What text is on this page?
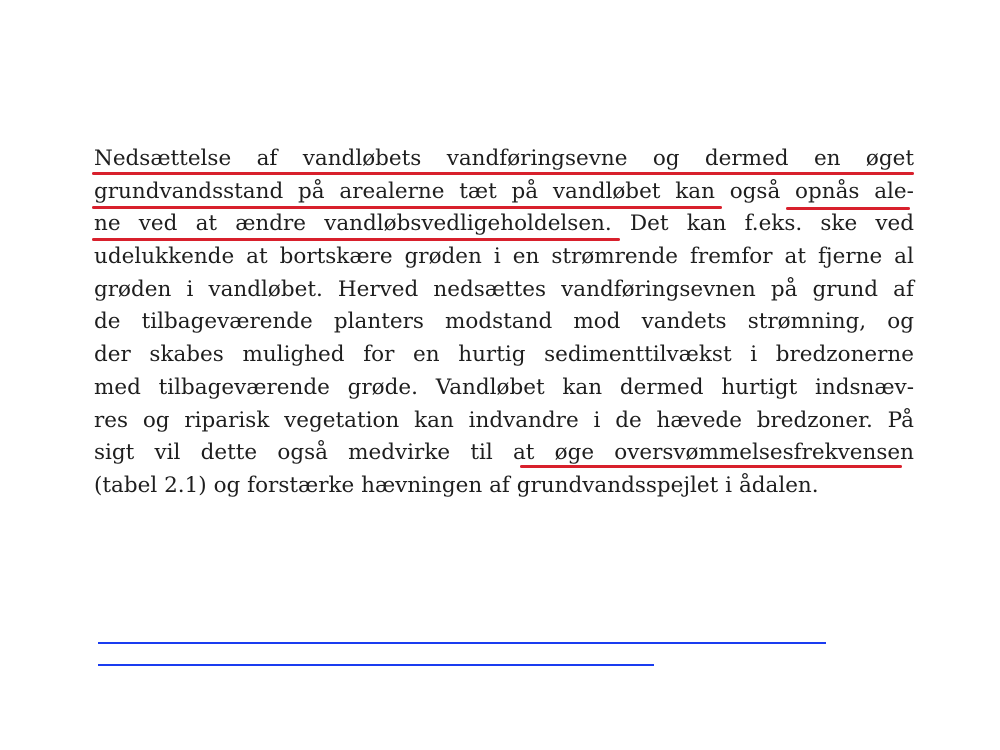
Nedsættelse af vandløbets vandføringsevne og dermed en øget
grundvandsstand på arealerne tæt på vandløbet kan også opnås ale-
ne ved at ændre vandløbsvedligeholdelsen. Det kan f.eks. ske ved
udelukkende at bortskære grøden i en strømrende fremfor at fjerne al
grøden i vandløbet. Herved nedsættes vandføringsevnen på grund af
de tilbageværende planters modstand mod vandets strømning, og
der skabes mulighed for en hurtig sedimenttilvækst i bredzonerne
med tilbageværende grøde. Vandløbet kan dermed hurtigt indsnæv-
res og riparisk vegetation kan indvandre i de hævede bredzoner. På
sigt vil dette også medvirke til at øge oversvømmelsesfrekvensen
(tabel 2.1) og forstærke hævningen af grundvandsspejlet i ådalen.
